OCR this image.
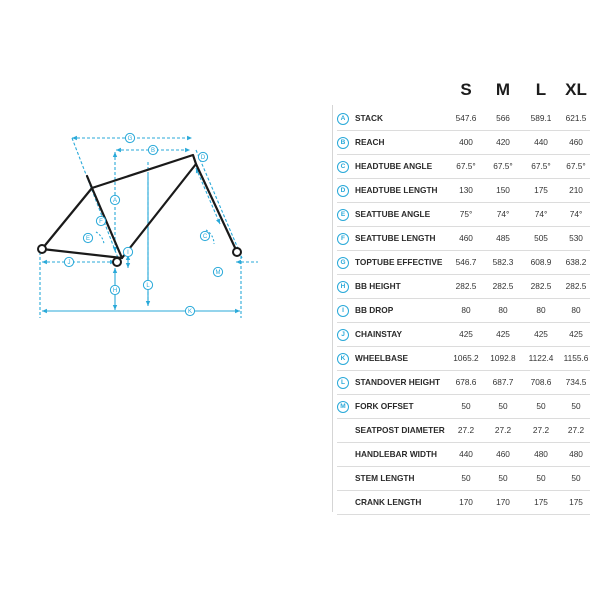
A
B
C
D
E
F
G
H
I
J
K
L
M
S	M	L	XL
A	STACK	547.6	566	589.1	621.5
B	REACH	400	420	440	460
C	HEADTUBE ANGLE	67.5°	67.5°	67.5°	67.5°
D	HEADTUBE LENGTH	130	150	175	210
E	SEATTUBE ANGLE	75°	74°	74°	74°
F	SEATTUBE LENGTH	460	485	505	530
G	TOPTUBE EFFECTIVE	546.7	582.3	608.9	638.2
H	BB HEIGHT	282.5	282.5	282.5	282.5
I	BB DROP	80	80	80	80
J	CHAINSTAY	425	425	425	425
K	WHEELBASE	1065.2	1092.8	1122.4	1155.6
L	STANDOVER HEIGHT	678.6	687.7	708.6	734.5
M	FORK OFFSET	50	50	50	50
SEATPOST DIAMETER	27.2	27.2	27.2	27.2
HANDLEBAR WIDTH	440	460	480	480
STEM LENGTH	50	50	50	50
CRANK LENGTH	170	170	175	175
